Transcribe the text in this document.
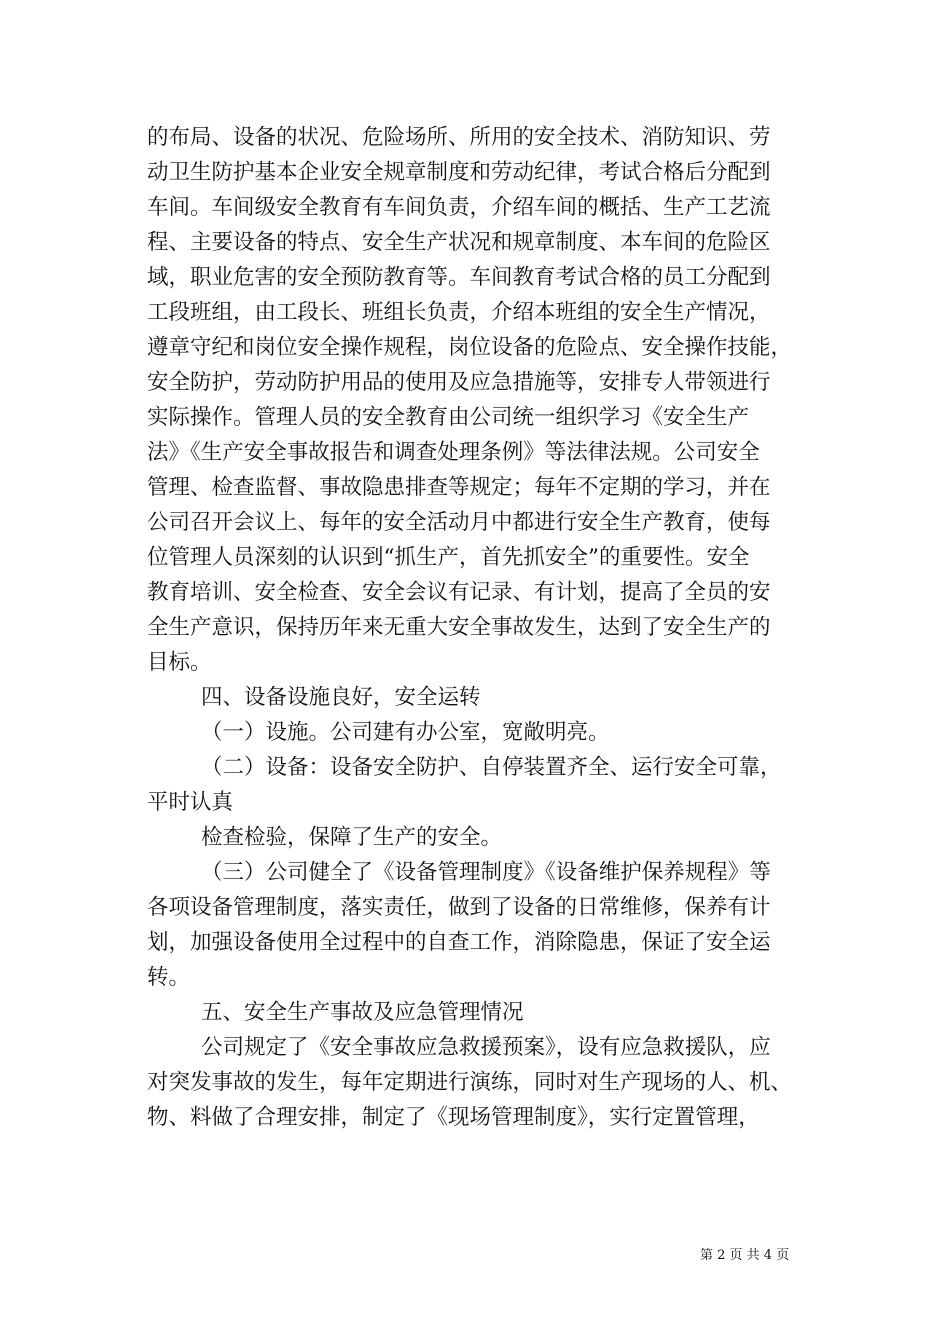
的布局、设备的状况、危险场所、所用的安全技术、消防知识、劳
动卫生防护基本企业安全规章制度和劳动纪律，考试合格后分配到
车间。车间级安全教育有车间负责，介绍车间的概括、生产工艺流
程、主要设备的特点、安全生产状况和规章制度、本车间的危险区
域，职业危害的安全预防教育等。车间教育考试合格的员工分配到
工段班组，由工段长、班组长负责，介绍本班组的安全生产情况，
遵章守纪和岗位安全操作规程，岗位设备的危险点、安全操作技能，
安全防护，劳动防护用品的使用及应急措施等，安排专人带领进行
实际操作。管理人员的安全教育由公司统一组织学习《安全生产
法》《生产安全事故报告和调查处理条例》等法律法规。公司安全
管理、检查监督、事故隐患排查等规定；每年不定期的学习，并在
公司召开会议上、每年的安全活动月中都进行安全生产教育，使每
位管理人员深刻的认识到“抓生产，首先抓安全”的重要性。安全
教育培训、安全检查、安全会议有记录、有计划，提高了全员的安
全生产意识，保持历年来无重大安全事故发生，达到了安全生产的
目标。
四、设备设施良好，安全运转
（一）设施。公司建有办公室，宽敞明亮。
（二）设备：设备安全防护、自停装置齐全、运行安全可靠，
平时认真
检查检验，保障了生产的安全。
（三）公司健全了《设备管理制度》《设备维护保养规程》等
各项设备管理制度，落实责任，做到了设备的日常维修，保养有计
划，加强设备使用全过程中的自查工作，消除隐患，保证了安全运
转。
五、安全生产事故及应急管理情况
公司规定了《安全事故应急救援预案》，设有应急救援队，应
对突发事故的发生，每年定期进行演练，同时对生产现场的人、机、
物、料做了合理安排，制定了《现场管理制度》，实行定置管理，
第 2 页 共 4 页
